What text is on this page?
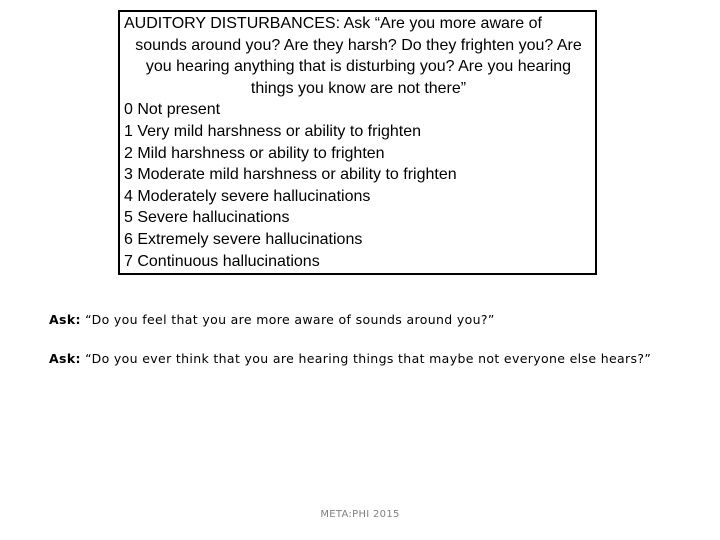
AUDITORY DISTURBANCES: Ask “Are you more aware of
sounds around you? Are they harsh? Do they frighten you? Are you hearing anything that is disturbing you? Are you hearing things you know are not there”

0 Not present
1 Very mild harshness or ability to frighten
2 Mild harshness or ability to frighten
3 Moderate mild harshness or ability to frighten
4 Moderately severe hallucinations
5 Severe hallucinations
6 Extremely severe hallucinations
7 Continuous hallucinations
Ask: “Do you feel that you are more aware of sounds around you?”
Ask: “Do you ever think that you are hearing things that maybe not everyone else hears?”
META:PHI 2015
